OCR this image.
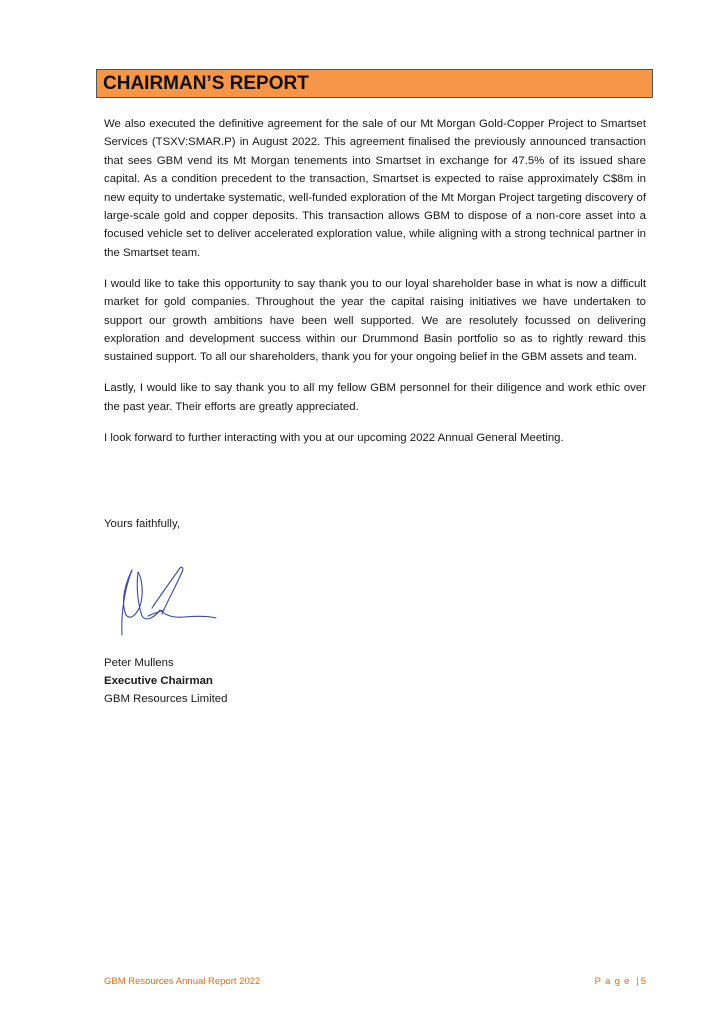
CHAIRMAN’S REPORT

We also executed the definitive agreement for the sale of our Mt Morgan Gold-Copper Project to Smartset Services (TSXV:SMAR.P) in August 2022. This agreement finalised the previously announced transaction that sees GBM vend its Mt Morgan tenements into Smartset in exchange for 47.5% of its issued share capital. As a condition precedent to the transaction, Smartset is expected to raise approximately C$8m in new equity to undertake systematic, well-funded exploration of the Mt Morgan Project targeting discovery of large-scale gold and copper deposits. This transaction allows GBM to dispose of a non-core asset into a focused vehicle set to deliver accelerated exploration value, while aligning with a strong technical partner in the Smartset team.

I would like to take this opportunity to say thank you to our loyal shareholder base in what is now a difficult market for gold companies. Throughout the year the capital raising initiatives we have undertaken to support our growth ambitions have been well supported. We are resolutely focussed on delivering exploration and development success within our Drummond Basin portfolio so as to rightly reward this sustained support. To all our shareholders, thank you for your ongoing belief in the GBM assets and team.

Lastly, I would like to say thank you to all my fellow GBM personnel for their diligence and work ethic over the past year. Their efforts are greatly appreciated.

I look forward to further interacting with you at our upcoming 2022 Annual General Meeting.

Yours faithfully,
Peter Mullens
Executive Chairman
GBM Resources Limited
GBM Resources Annual Report 2022	Page | 5
